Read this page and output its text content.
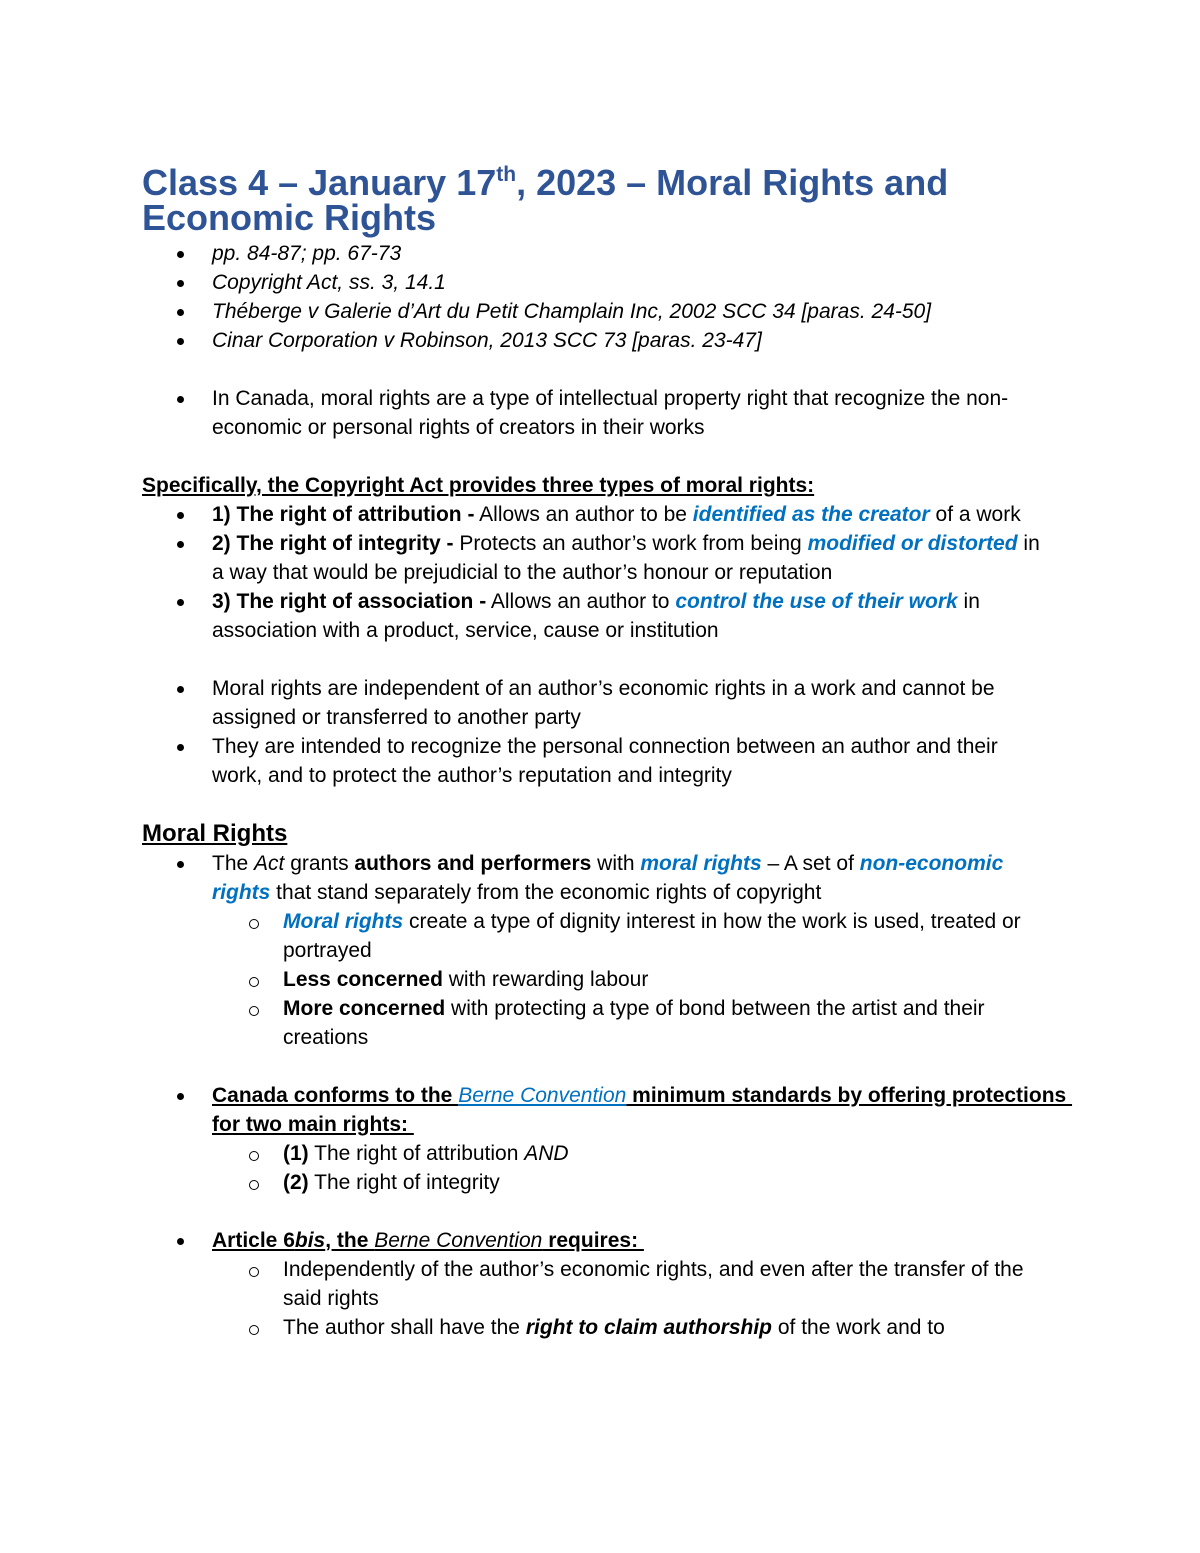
Class 4 – January 17 th , 2023 – Moral Rights and
Economic Rights
pp. 84-87; pp. 67-73
Copyright Act, ss. 3, 14.1
Théberge v Galerie d’Art du Petit Champlain Inc, 2002 SCC 34 [paras. 24-50]
Cinar Corporation v Robinson, 2013 SCC 73 [paras. 23-47]
In Canada, moral rights are a type of intellectual property right that recognize the non-
economic or personal rights of creators in their works
Specifically, the Copyright Act provides three types of moral rights:
1) The right of attribution - Allows an author to be identified as the creator of a work
2) The right of integrity - Protects an author’s work from being modified or distorted in
a way that would be prejudicial to the author’s honour or reputation
3) The right of association - Allows an author to control the use of their work in
association with a product, service, cause or institution
Moral rights are independent of an author’s economic rights in a work and cannot be
assigned or transferred to another party
They are intended to recognize the personal connection between an author and their
work, and to protect the author’s reputation and integrity
Moral Rights
The Act grants authors and performers with moral rights – A set of non-economic
rights that stand separately from the economic rights of copyright
Moral rights create a type of dignity interest in how the work is used, treated or
portrayed
Less concerned with rewarding labour
More concerned with protecting a type of bond between the artist and their
creations
Canada conforms to the Berne Convention minimum standards by offering protections
for two main rights:
(1) The right of attribution AND
(2) The right of integrity
Article 6 bis , the Berne Convention requires:
Independently of the author’s economic rights, and even after the transfer of the
said rights
The author shall have the right to claim authorship of the work and to
